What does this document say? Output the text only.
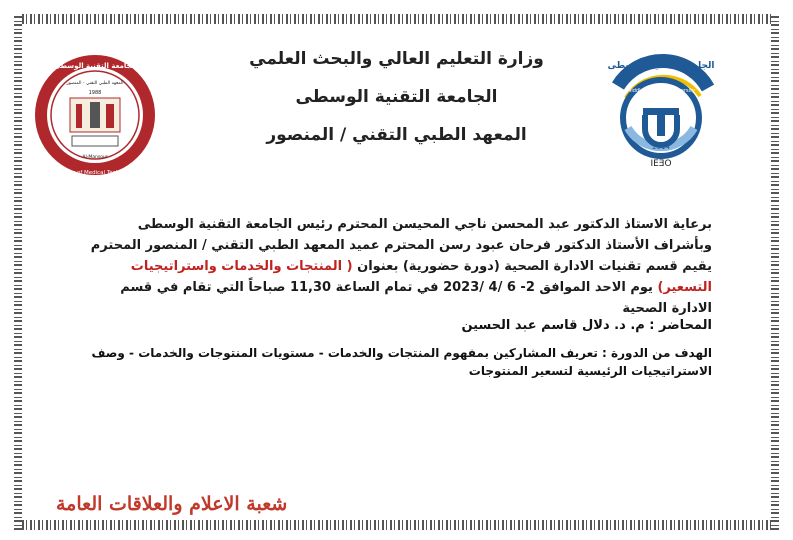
2014
IEƎO
الجامعة التقنية الوسطى
Middle Technical University
الجامعة التقنية الوسطى
Institute of Medical Technology
المعهد الطبي التقني - المنصور
1988
Al-Mansour
وزارة التعليم العالي والبحث العلمي
الجامعة التقنية الوسطى
المعهد الطبي التقني / المنصور
برعاية الاستاذ الدكتور عبد المحسن ناجي المحيسن المحترم رئيس الجامعة التقنية الوسطى وبأشراف الأستاذ الدكتور فرحان عبود رسن المحترم عميد المعهد الطبي التقني / المنصور المحترم يقيم قسم تقنيات الادارة الصحية (دورة حضورية) بعنوان ( المنتجات والخدمات واستراتيجيات التسعير) يوم الاحد الموافق 2- 6 /4 /2023 في تمام الساعة 11,30 صباحاً التي تقام في قسم الادارة الصحية
المحاضر : م. د. دلال قاسم عبد الحسين
الهدف من الدورة : تعريف المشاركين بمفهوم المنتجات والخدمات - مستويات المنتوجات والخدمات - وصف الاستراتيجيات الرئيسية لتسعير المنتوجات
شعبة الاعلام والعلاقات العامة
